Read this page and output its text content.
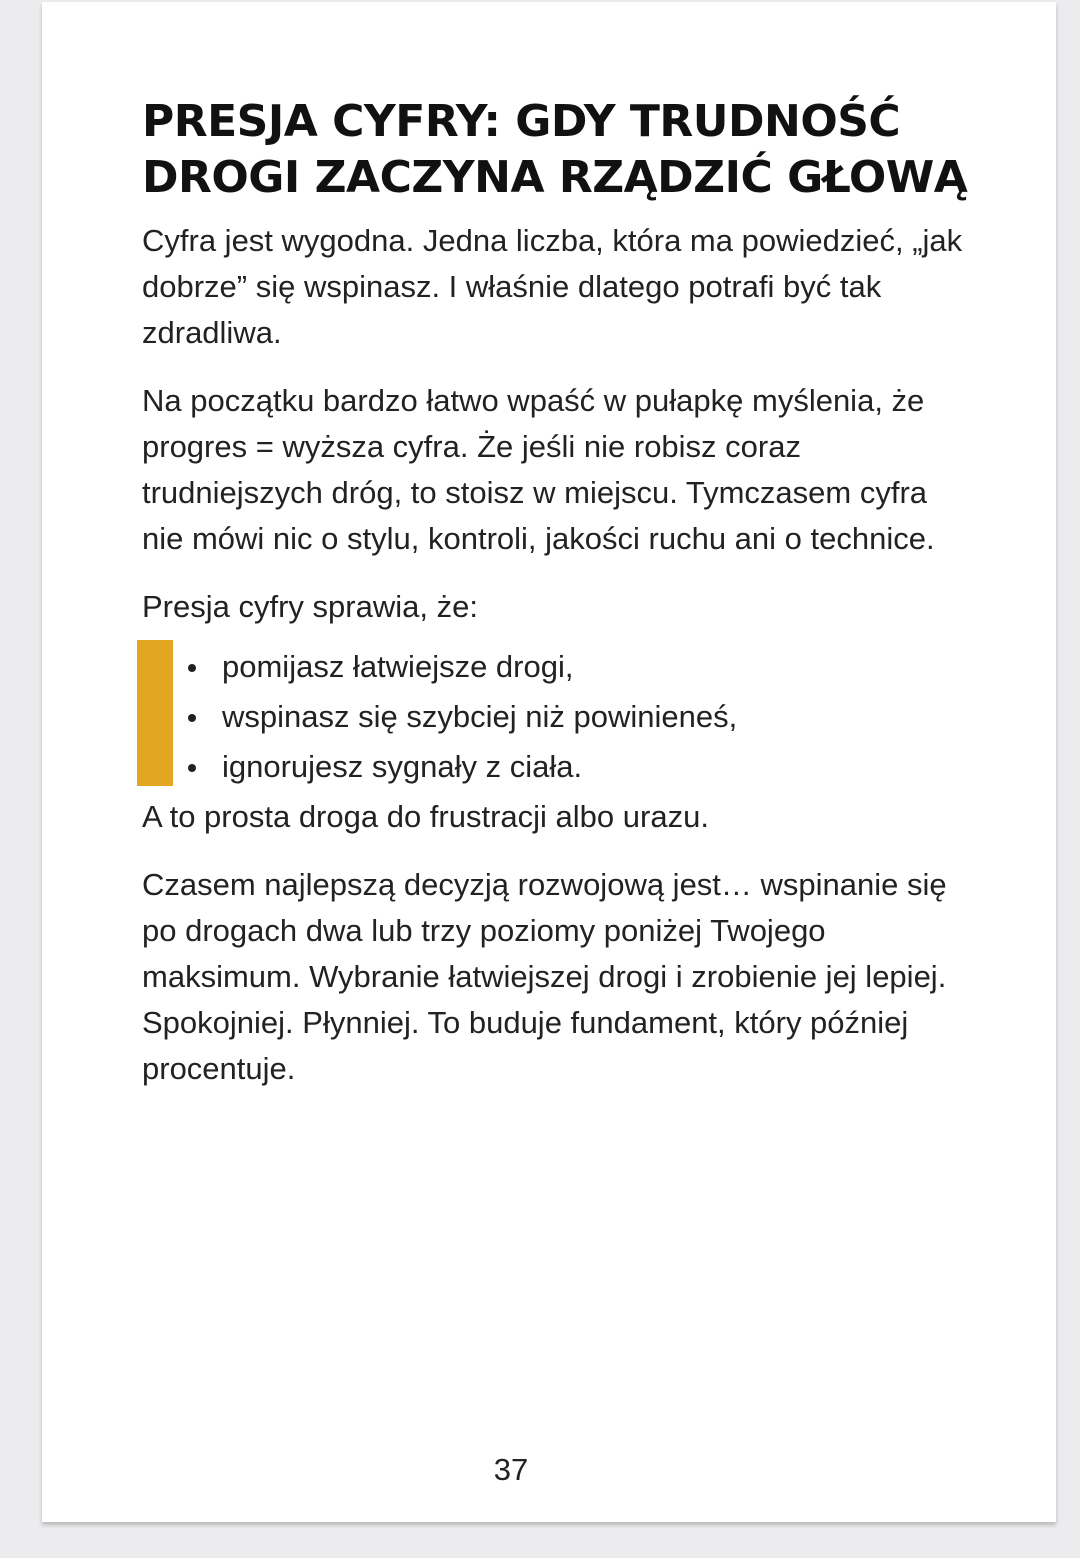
PRESJA CYFRY: GDY TRUDNOŚĆ DROGI ZACZYNA RZĄDZIĆ GŁOWĄ

Cyfra jest wygodna. Jedna liczba, która ma powiedzieć, „jak dobrze” się wspinasz. I właśnie dlatego potrafi być tak zdradliwa.

Na początku bardzo łatwo wpaść w pułapkę myślenia, że progres = wyższa cyfra. Że jeśli nie robisz coraz trudniejszych dróg, to stoisz w miejscu. Tymczasem cyfra nie mówi nic o stylu, kontroli, jakości ruchu ani o technice.

Presja cyfry sprawia, że:

pomijasz łatwiejsze drogi,
wspinasz się szybciej niż powinieneś,
ignorujesz sygnały z ciała.

A to prosta droga do frustracji albo urazu.

Czasem najlepszą decyzją rozwojową jest… wspinanie się po drogach dwa lub trzy poziomy poniżej Twojego maksimum. Wybranie łatwiejszej drogi i zrobienie jej lepiej. Spokojniej. Płynniej. To buduje fundament, który później procentuje.

37
